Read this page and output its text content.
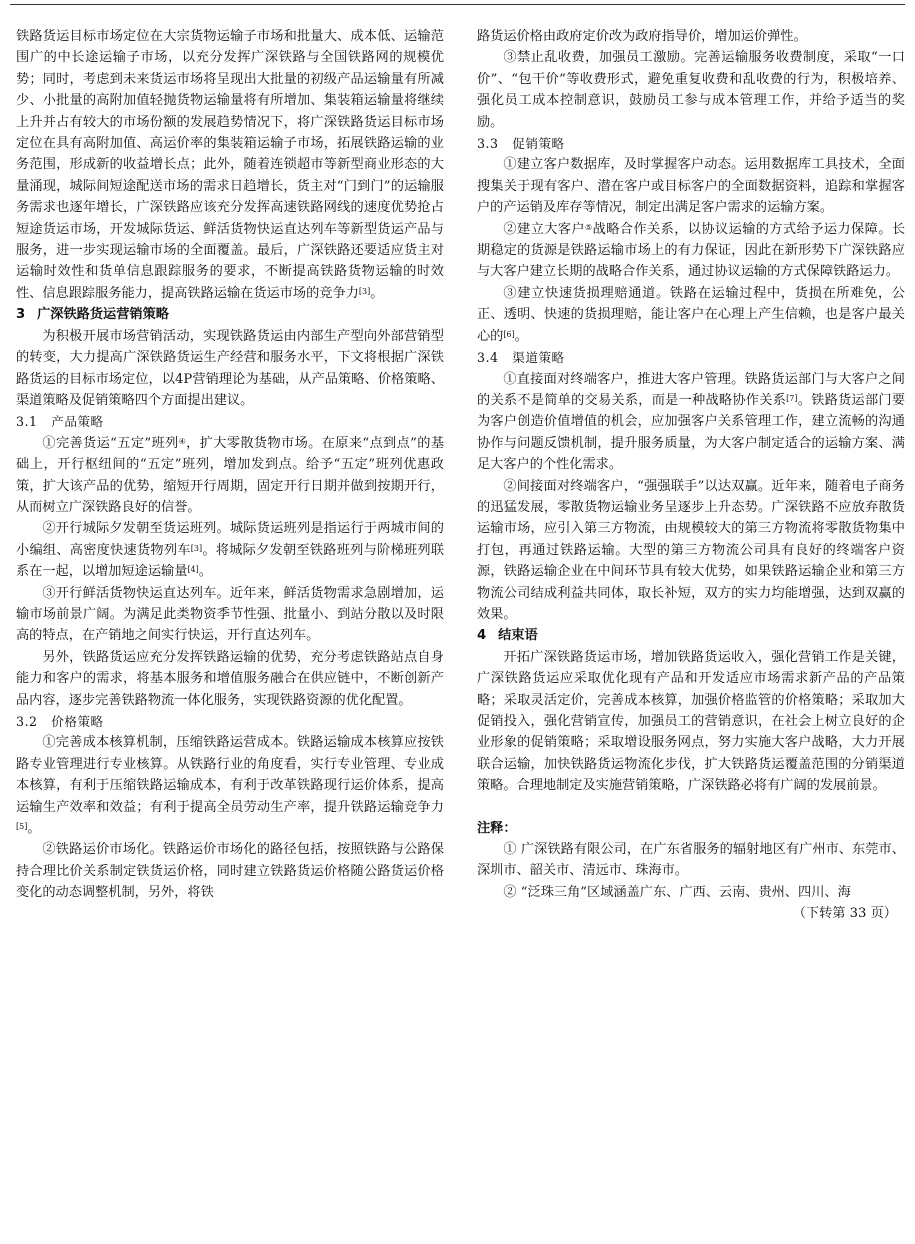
铁路货运目标市场定位在大宗货物运输子市场和批量大、成本低、运输范围广的中长途运输子市场，以充分发挥广深铁路与全国铁路网的规模优势；同时，考虑到未来货运市场将呈现出大批量的初级产品运输量有所减少、小批量的高附加值轻抛货物运输量将有所增加、集装箱运输量将继续上升并占有较大的市场份额的发展趋势情况下，将广深铁路货运目标市场定位在具有高附加值、高运价率的集装箱运输子市场，拓展铁路运输的业务范围，形成新的收益增长点；此外，随着连锁超市等新型商业形态的大量涌现，城际间短途配送市场的需求日趋增长，货主对“门到门”的运输服务需求也逐年增长，广深铁路应该充分发挥高速铁路网线的速度优势抢占短途货运市场，开发城际货运、鲜活货物快运直达列车等新型货运产品与服务，进一步实现运输市场的全面覆盖。最后，广深铁路还要适应货主对运输时效性和货单信息跟踪服务的要求，不断提高铁路货物运输的时效性、信息跟踪服务能力，提高铁路运输在货运市场的竞争力[3]。

3 广深铁路货运营销策略

为积极开展市场营销活动，实现铁路货运由内部生产型向外部营销型的转变，大力提高广深铁路货运生产经营和服务水平，下文将根据广深铁路货运的目标市场定位，以4P营销理论为基础，从产品策略、价格策略、渠道策略及促销策略四个方面提出建议。

3.1 产品策略

①完善货运“五定”班列④，扩大零散货物市场。在原来“点到点”的基础上，开行枢纽间的“五定”班列，增加发到点。给予“五定”班列优惠政策，扩大该产品的优势，缩短开行周期，固定开行日期并做到按期开行，从而树立广深铁路良好的信誉。

②开行城际夕发朝至货运班列。城际货运班列是指运行于两城市间的小编组、高密度快速货物列车[3]。将城际夕发朝至铁路班列与阶梯班列联系在一起，以增加短途运输量[4]。

③开行鲜活货物快运直达列车。近年来，鲜活货物需求急剧增加，运输市场前景广阔。为满足此类物资季节性强、批量小、到站分散以及时限高的特点，在产销地之间实行快运，开行直达列车。

另外，铁路货运应充分发挥铁路运输的优势，充分考虑铁路站点自身能力和客户的需求，将基本服务和增值服务融合在供应链中，不断创新产品内容，逐步完善铁路物流一体化服务，实现铁路资源的优化配置。

3.2 价格策略

①完善成本核算机制，压缩铁路运营成本。铁路运输成本核算应按铁路专业管理进行专业核算。从铁路行业的角度看，实行专业管理、专业成本核算，有利于压缩铁路运输成本，有利于改革铁路现行运价体系，提高运输生产效率和效益；有利于提高全员劳动生产率，提升铁路运输竞争力[5]。

②铁路运价市场化。铁路运价市场化的路径包括，按照铁路与公路保持合理比价关系制定铁货运价格，同时建立铁路货运价格随公路货运价格变化的动态调整机制，另外，将铁

路货运价格由政府定价改为政府指导价，增加运价弹性。

③禁止乱收费，加强员工激励。完善运输服务收费制度，采取“一口价”、“包干价”等收费形式，避免重复收费和乱收费的行为，积极培养、强化员工成本控制意识，鼓励员工参与成本管理工作，并给予适当的奖励。

3.3 促销策略

①建立客户数据库，及时掌握客户动态。运用数据库工具技术，全面搜集关于现有客户、潜在客户或目标客户的全面数据资料，追踪和掌握客户的产运销及库存等情况，制定出满足客户需求的运输方案。

②建立大客户⑤战略合作关系，以协议运输的方式给予运力保障。长期稳定的货源是铁路运输市场上的有力保证，因此在新形势下广深铁路应与大客户建立长期的战略合作关系，通过协议运输的方式保障铁路运力。

③建立快速货损理赔通道。铁路在运输过程中，货损在所难免，公正、透明、快速的货损理赔，能让客户在心理上产生信赖，也是客户最关心的[6]。

3.4 渠道策略

①直接面对终端客户，推进大客户管理。铁路货运部门与大客户之间的关系不是简单的交易关系，而是一种战略协作关系[7]。铁路货运部门要为客户创造价值增值的机会，应加强客户关系管理工作，建立流畅的沟通协作与问题反馈机制，提升服务质量，为大客户制定适合的运输方案、满足大客户的个性化需求。

②间接面对终端客户，“强强联手”以达双赢。近年来，随着电子商务的迅猛发展，零散货物运输业务呈逐步上升态势。广深铁路不应放弃散货运输市场，应引入第三方物流，由规模较大的第三方物流将零散货物集中打包，再通过铁路运输。大型的第三方物流公司具有良好的终端客户资源，铁路运输企业在中间环节具有较大优势，如果铁路运输企业和第三方物流公司结成利益共同体，取长补短，双方的实力均能增强，达到双赢的效果。

4 结束语

开拓广深铁路货运市场，增加铁路货运收入，强化营销工作是关键，广深铁路货运应采取优化现有产品和开发适应市场需求新产品的产品策略；采取灵活定价，完善成本核算，加强价格监管的价格策略；采取加大促销投入，强化营销宣传，加强员工的营销意识，在社会上树立良好的企业形象的促销策略；采取增设服务网点，努力实施大客户战略，大力开展联合运输，加快铁路货运物流化步伐，扩大铁路货运覆盖范围的分销渠道策略。合理地制定及实施营销策略，广深铁路必将有广阔的发展前景。

注释：

① 广深铁路有限公司，在广东省服务的辐射地区有广州市、东莞市、深圳市、韶关市、清远市、珠海市。

② “泛珠三角”区域涵盖广东、广西、云南、贵州、四川、海

（下转第 33 页）
